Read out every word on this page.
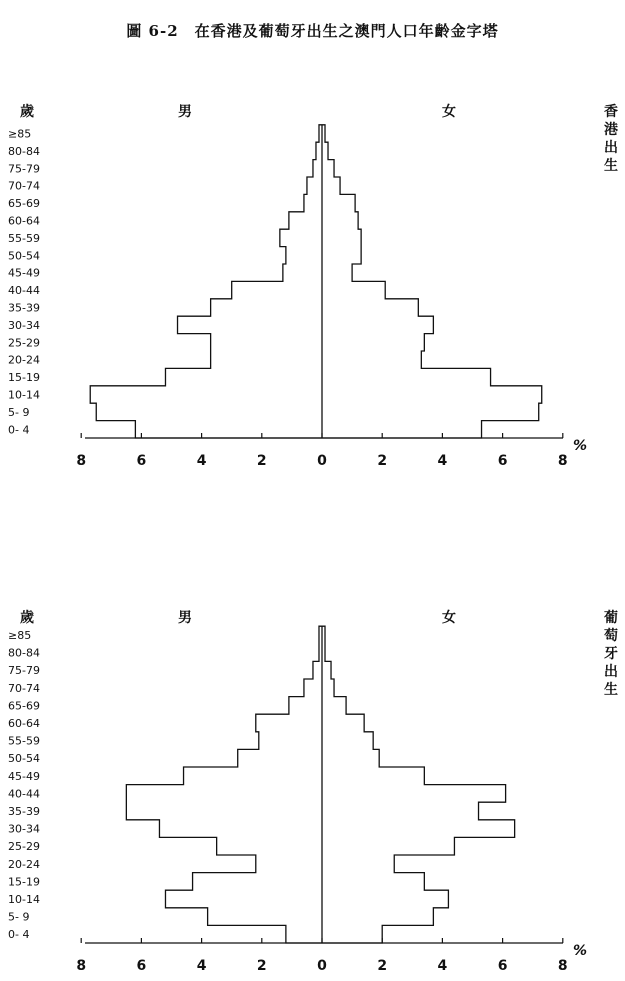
圖 6-2　在香港及葡萄牙出生之澳門人口年齡金字塔
歲	男	女	香
港
出
生
0- 4
5- 9
10-14
15-19
20-24
25-29
30-34
35-39
40-44
45-49
50-54
55-59
60-64
65-69
70-74
75-79
80-84
≥85
8	6	4	2	0	2	4	6	8
%
歲	男	女	葡
萄
牙
出
生
0- 4
5- 9
10-14
15-19
20-24
25-29
30-34
35-39
40-44
45-49
50-54
55-59
60-64
65-69
70-74
75-79
80-84
≥85
8	6	4	2	0	2	4	6	8
%
